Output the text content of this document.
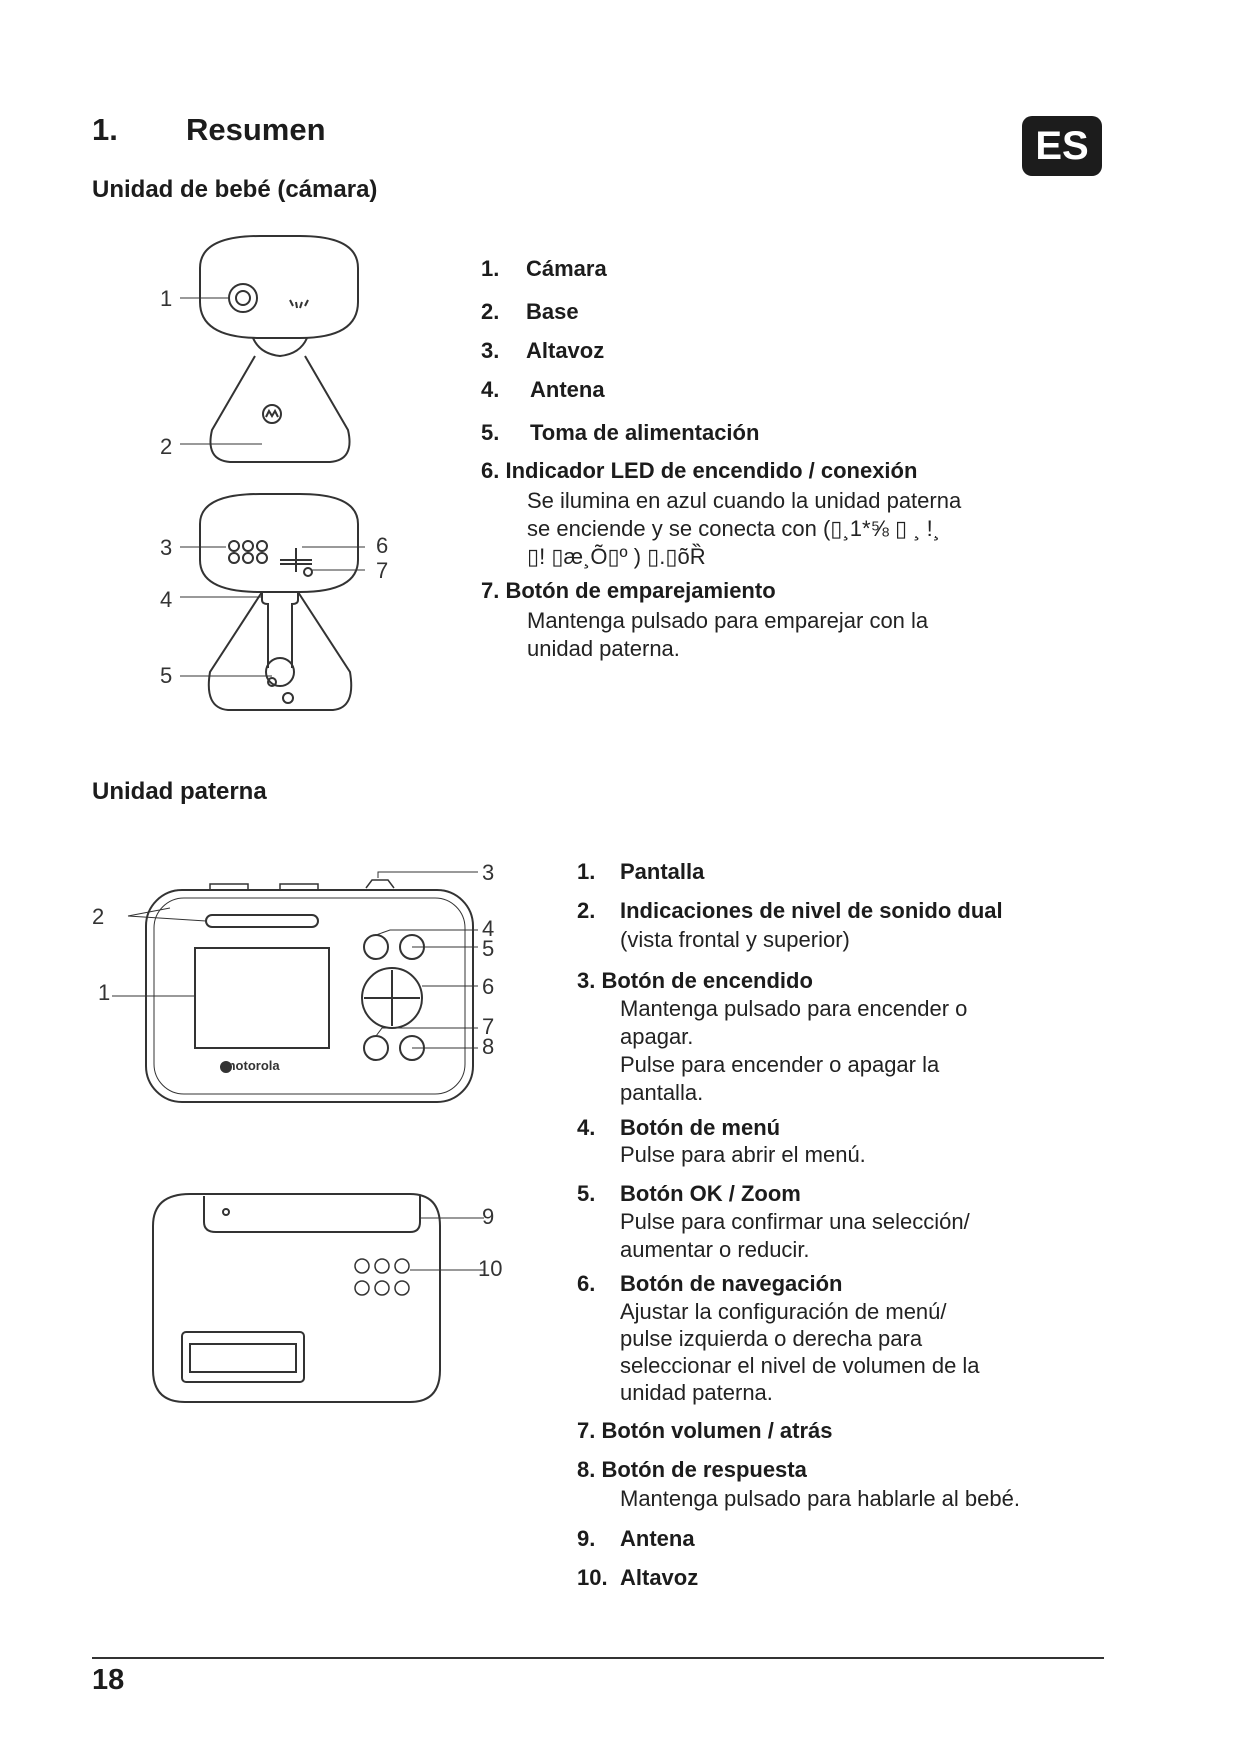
1. Resumen	ES
Unidad de bebé (cámara)
1
2
3
4
5
6
7
1. Cámara
2. Base
3. Altavoz
4. Antena
5. Toma de alimentación
6. Indicador LED de encendido / conexión
Se ilumina en azul cuando la unidad paterna
se enciende y se conecta con (▯¸1*⅝ ▯ ¸ !¸
▯! ▯æ¸Õ▯º ) ▯.▯õȐ
7. Botón de emparejamiento
Mantenga pulsado para emparejar con la
unidad paterna.
Unidad paterna
motorola
1
2
3
4
5
6
7
8
9
10
1. Pantalla
2. Indicaciones de nivel de sonido dual
(vista frontal y superior)
3. Botón de encendido
Mantenga pulsado para encender o
apagar.
Pulse para encender o apagar la
pantalla.
4. Botón de menú
Pulse para abrir el menú.
5. Botón OK / Zoom
Pulse para confirmar una selección/
aumentar o reducir.
6. Botón de navegación
Ajustar la configuración de menú/
pulse izquierda o derecha para
seleccionar el nivel de volumen de la
unidad paterna.
7. Botón volumen / atrás
8. Botón de respuesta
Mantenga pulsado para hablarle al bebé.
9. Antena
10. Altavoz
18
